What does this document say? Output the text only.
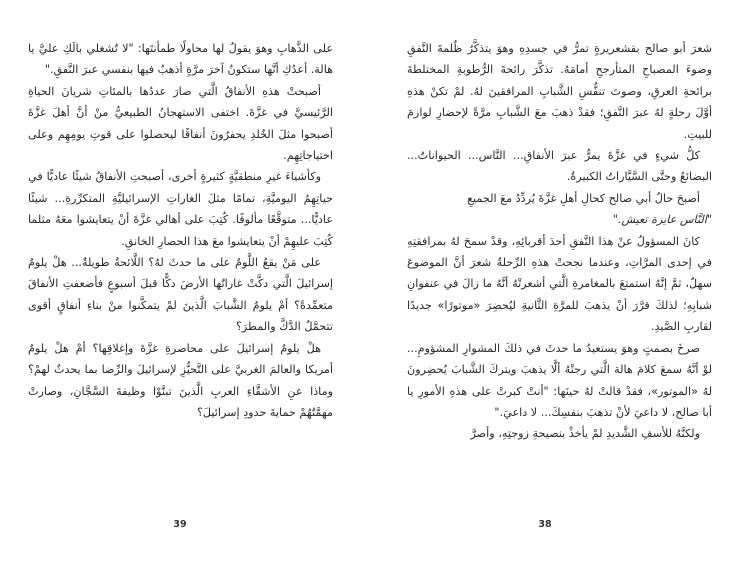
شعرَ أبو صالح بقشعريرةٍ تمرُّ في جسدِهِ وهوَ يتذكَّرُ ظُلمةَ النَّفقِ وضوءَ المصباحِ المتأرجحِ أمامَهُ. تذكَّرَ رائحةَ الرُّطوبةِ المختلطةَ برائحةِ العرقِ، وصوتَ تنفُّسِ الشَّبابِ المرافقينَ لهُ. لمْ تكنْ هذهِ أوَّلَ رحلةٍ لهُ عبرَ النَّفقِ؛ فقدْ ذهبَ معَ الشَّبابِ مرَّةً لإحضارِ لوازمَ للبيتِ.

كلُّ شيءٍ في غزَّةَ يمرُّ عبرَ الأنفاقِ... النَّاس... الحيواناتُ... البضائعُ وحتَّى السَّيَّاراتُ الكبيرةُ.

أصبحَ حالُ أبي صالح كحالِ أهلِ غزَّةَ يُردِّدُ معَ الجميعِ

"النَّاس عايزة تعيش."

كانَ المسؤولُ عنْ هذا النَّفقِ أحدَ أقربائِهِ، وقدْ سمحَ لهُ بمرافقتِهِ في إحدى المرَّاتِ، وعندما نجحتْ هذهِ الرِّحلةُ شعرَ أنَّ الموضوعَ سهلٌ، ثمَّ إنَّهُ استمتعَ بالمغامرةِ الَّتي أشعرتْهُ أنَّهُ ما زالَ في عنفوانِ شبابِهِ؛ لذلكَ قرَّرَ أنْ يذهبَ للمرَّةِ الثَّانيةِ ليُحضِرَ «موتورًا» جديدًا لقاربِ الصَّيدِ.

صرخَ بصمتٍ وهوَ يستعيدُ ما حدثَ في ذلكَ المشوارِ المشؤومِ... لوْ أنَّهُ سمعَ كلامَ هالة الَّتي رجتْهُ ألَّا يذهبَ ويتركَ الشَّبابَ يُحضِرونَ لهُ «الموتور»، فقدْ قالتْ لهُ حينَها: "أنتْ كبرتْ على هذهِ الأمورِ يا أبا صالح، لا داعيَ لأنْ تذهبَ بنفسِكَ... لا داعيَ."

ولكنَّهُ للأسفِ الشَّديدِ لمْ يأخذْ بنصيحةِ زوجتِهِ، وأصرَّ

على الذَّهابِ وهوَ يقولُ لها محاولًا طمأنتَها: "لا تُشغلي بالَكِ عليَّ يا هالة. أعدُكِ أنَّها ستكونُ آخرَ مرَّةٍ أذهبُ فيها بنفسي عبرَ النَّفقِ."

أصبحتْ هذهِ الأنفاقُ الَّتي صارَ عددُها بالمئاتِ شريانَ الحياةِ الرَّئيسيَّ في غزَّةَ. اختفى الاستهجانُ الطبيعيُّ منْ أنَّ أهلَ غزَّةَ أصبحوا مثلَ الخُلدِ يحفرُونَ أنفاقًا ليحصلوا على قوتِ يومِهِم وعلى احتياجاتِهِم.

وكأشياءَ غيرِ منطقيَّةٍ كثيرةٍ أخرى، أصبحتِ الأنفاقُ شيئًا عاديًّا في حياتِهِمُ اليوميَّةِ، تمامًا مثلَ الغاراتِ الإسرائيليَّةِ المتكرِّرةِ... شيئًا عاديًّا... متوقَّعًا مألوفًا. كُتِبَ على أهالي غزَّةَ أنْ يتعايشوا معَهُ مثلما كُتِبَ عليهِمْ أنْ يتعايشوا معَ هذا الحصارِ الخانقِ.

على مَنْ يقعُ اللَّومُ على ما حدثَ لهُ؟ اللَّائحةُ طويلةٌ... هلْ يلومُ إسرائيلَ الَّتي دكَّتْ غاراتُها الأرضَ دكًّا قبلَ أسبوعٍ فأضعفتِ الأنفاقَ متعمِّدةً؟ أمْ يلومُ الشَّبابَ الَّذينَ لمْ يتمكَّنوا منْ بناءِ أنفاقٍ أقوى تتحمَّلُ الدَّكَّ والمطرَ؟

هلْ يلومُ إسرائيلَ على محاصرةِ غزَّةَ وإغلاقِها؟ أمْ هلْ يلومُ أمريكا والعالمَ الغربيَّ على التَّحيُّزِ لإسرائيلَ والرِّضا بما يحدثُ لهمْ؟ وماذا عنِ الأشقَّاءِ العربِ الَّذينَ تبنَّوْا وظيفةَ السَّجَّانِ، وصارتْ مهمَّتُهُمْ حمايةَ حدودِ إسرائيلَ؟

38
39
